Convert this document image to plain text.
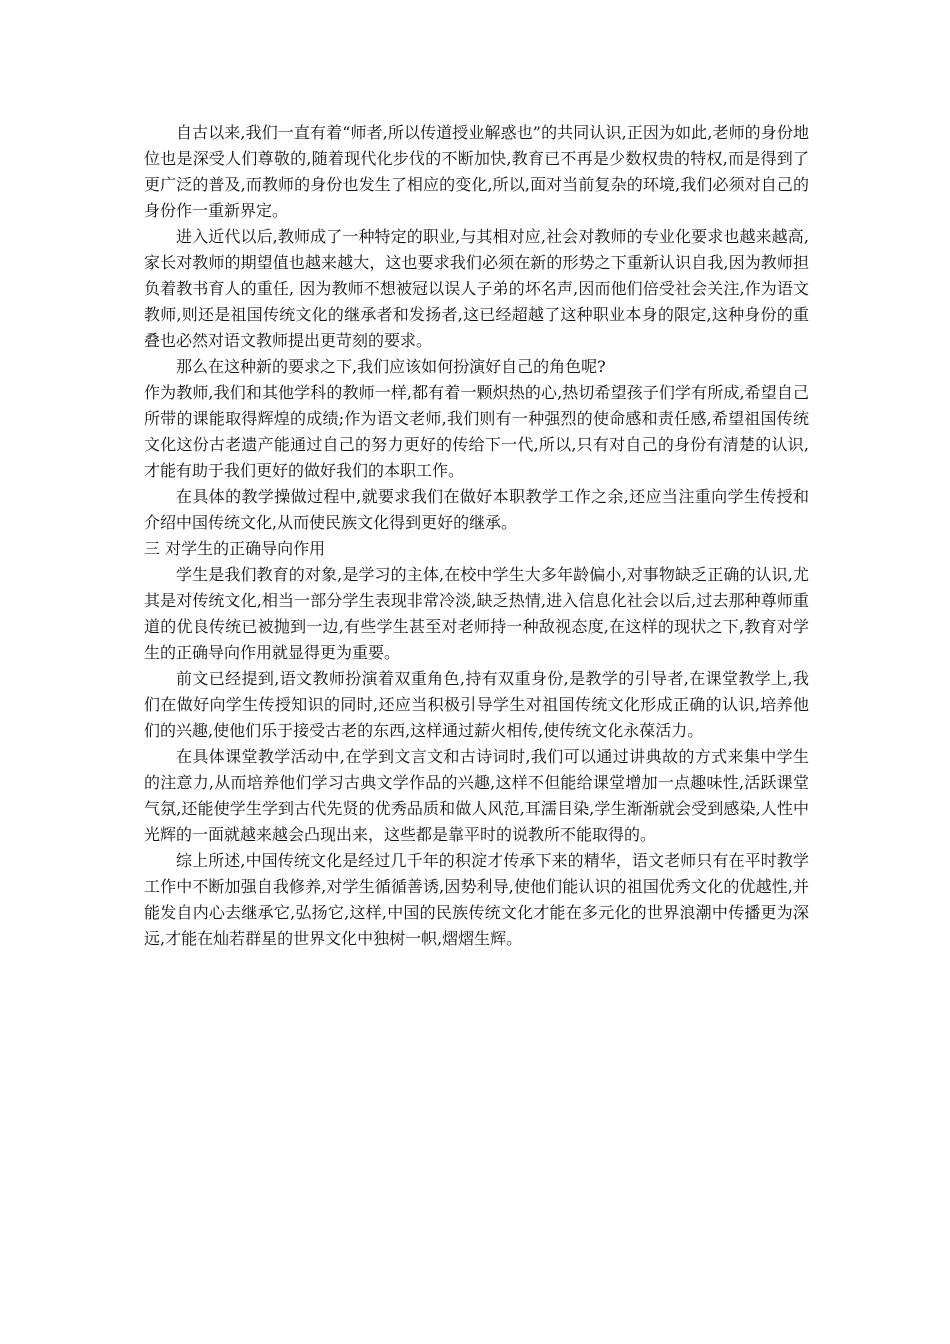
自古以来,我们一直有着“师者,所以传道授业解惑也”的共同认识,正因为如此,老师的身份地位也是深受人们尊敬的,随着现代化步伐的不断加快,教育已不再是少数权贵的特权,而是得到了更广泛的普及,而教师的身份也发生了相应的变化,所以,面对当前复杂的环境,我们必须对自己的身份作一重新界定。

进入近代以后,教师成了一种特定的职业,与其相对应,社会对教师的专业化要求也越来越高,家长对教师的期望值也越来越大，这也要求我们必须在新的形势之下重新认识自我,因为教师担负着教书育人的重任, 因为教师不想被冠以误人子弟的坏名声,因而他们倍受社会关注,作为语文教师,则还是祖国传统文化的继承者和发扬者,这已经超越了这种职业本身的限定,这种身份的重叠也必然对语文教师提出更苛刻的要求。

那么在这种新的要求之下,我们应该如何扮演好自己的角色呢?

作为教师,我们和其他学科的教师一样,都有着一颗炽热的心,热切希望孩子们学有所成,希望自己所带的课能取得辉煌的成绩;作为语文老师,我们则有一种强烈的使命感和责任感,希望祖国传统文化这份古老遗产能通过自己的努力更好的传给下一代,所以,只有对自己的身份有清楚的认识,才能有助于我们更好的做好我们的本职工作。

在具体的教学操做过程中,就要求我们在做好本职教学工作之余,还应当注重向学生传授和介绍中国传统文化,从而使民族文化得到更好的继承。

三 对学生的正确导向作用

学生是我们教育的对象,是学习的主体,在校中学生大多年龄偏小,对事物缺乏正确的认识,尤其是对传统文化,相当一部分学生表现非常冷淡,缺乏热情,进入信息化社会以后,过去那种尊师重道的优良传统已被抛到一边,有些学生甚至对老师持一种敌视态度,在这样的现状之下,教育对学生的正确导向作用就显得更为重要。

前文已经提到,语文教师扮演着双重角色,持有双重身份,是教学的引导者,在课堂教学上,我们在做好向学生传授知识的同时,还应当积极引导学生对祖国传统文化形成正确的认识,培养他们的兴趣,使他们乐于接受古老的东西,这样通过薪火相传,使传统文化永葆活力。

在具体课堂教学活动中,在学到文言文和古诗词时,我们可以通过讲典故的方式来集中学生的注意力,从而培养他们学习古典文学作品的兴趣,这样不但能给课堂增加一点趣味性,活跃课堂气氛,还能使学生学到古代先贤的优秀品质和做人风范,耳濡目染,学生渐渐就会受到感染,人性中光辉的一面就越来越会凸现出来，这些都是靠平时的说教所不能取得的。

综上所述,中国传统文化是经过几千年的积淀才传承下来的精华，语文老师只有在平时教学工作中不断加强自我修养,对学生循循善诱,因势利导,使他们能认识的祖国优秀文化的优越性,并能发自内心去继承它,弘扬它,这样,中国的民族传统文化才能在多元化的世界浪潮中传播更为深远,才能在灿若群星的世界文化中独树一帜,熠熠生辉。
